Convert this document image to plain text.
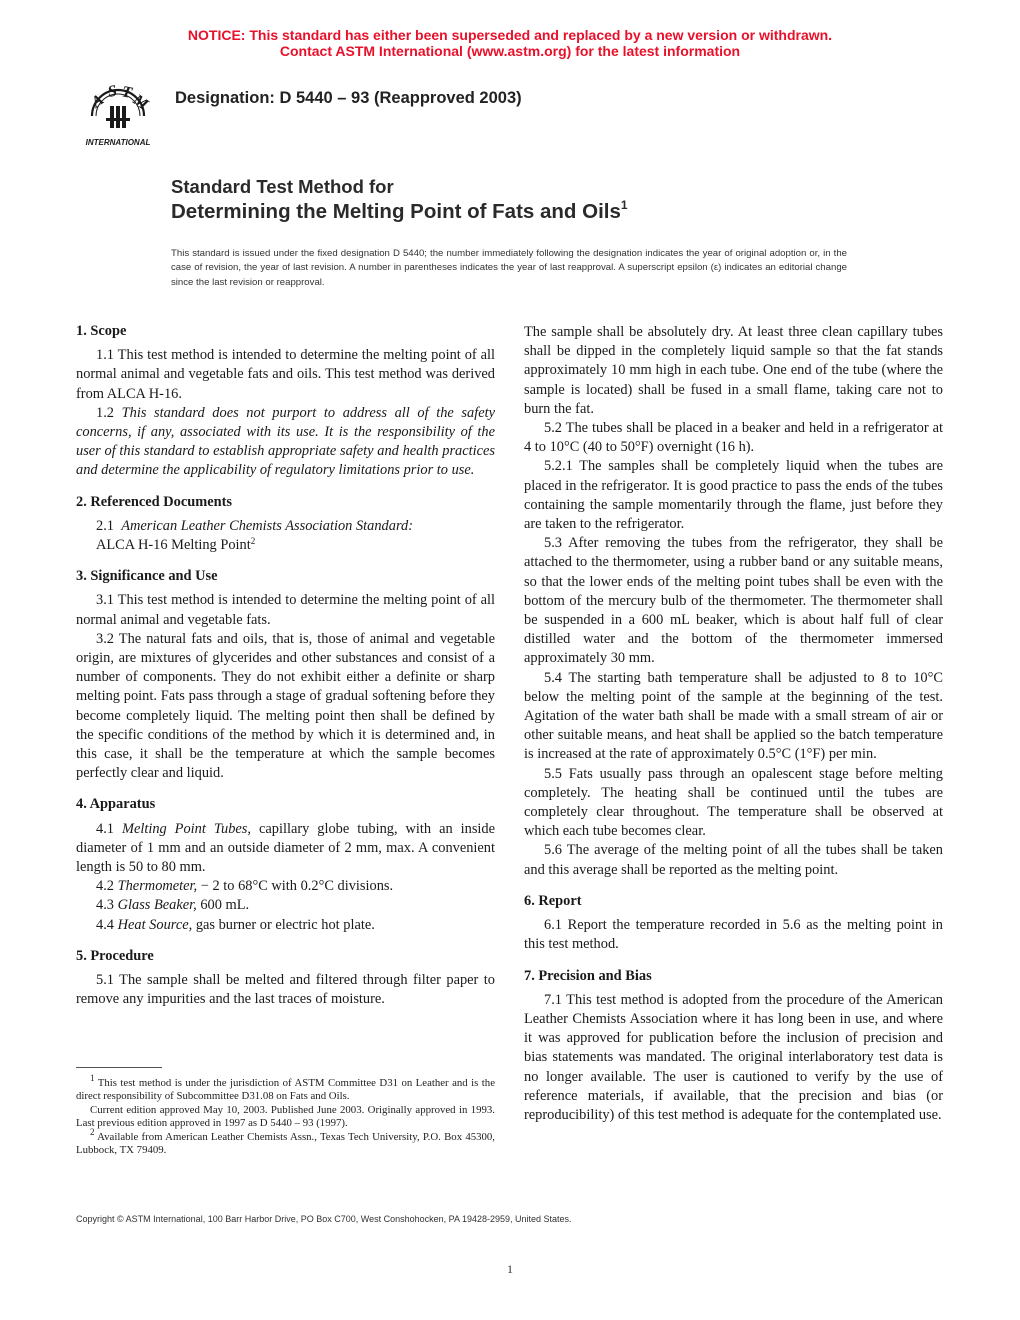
NOTICE: This standard has either been superseded and replaced by a new version or withdrawn.
Contact ASTM International (www.astm.org) for the latest information
A S T
M
INTERNATIONAL
Designation: D 5440 – 93 (Reapproved 2003)
Standard Test Method for
Determining the Melting Point of Fats and Oils$^1$
This standard is issued under the fixed designation D 5440; the number immediately following the designation indicates the year of original adoption or, in the case of revision, the year of last revision. A number in parentheses indicates the year of last reapproval. A superscript epsilon (ε) indicates an editorial change since the last revision or reapproval.
1. Scope

1.1 This test method is intended to determine the melting point of all normal animal and vegetable fats and oils. This test method was derived from ALCA H-16.

1.2 This standard does not purport to address all of the safety concerns, if any, associated with its use. It is the responsibility of the user of this standard to establish appropriate safety and health practices and determine the applicability of regulatory limitations prior to use.

2. Referenced Documents

2.1 American Leather Chemists Association Standard:

ALCA H-16 Melting Point$^2$

3. Significance and Use

3.1 This test method is intended to determine the melting point of all normal animal and vegetable fats.

3.2 The natural fats and oils, that is, those of animal and vegetable origin, are mixtures of glycerides and other substances and consist of a number of components. They do not exhibit either a definite or sharp melting point. Fats pass through a stage of gradual softening before they become completely liquid. The melting point then shall be defined by the specific conditions of the method by which it is determined and, in this case, it shall be the temperature at which the sample becomes perfectly clear and liquid.

4. Apparatus

4.1 Melting Point Tubes, capillary globe tubing, with an inside diameter of 1 mm and an outside diameter of 2 mm, max. A convenient length is 50 to 80 mm.

4.2 Thermometer, − 2 to 68°C with 0.2°C divisions.

4.3 Glass Beaker, 600 mL.

4.4 Heat Source, gas burner or electric hot plate.

5. Procedure

5.1 The sample shall be melted and filtered through filter paper to remove any impurities and the last traces of moisture.

$^1$ This test method is under the jurisdiction of ASTM Committee D31 on Leather and is the direct responsibility of Subcommittee D31.08 on Fats and Oils.

Current edition approved May 10, 2003. Published June 2003. Originally approved in 1993. Last previous edition approved in 1997 as D 5440 – 93 (1997).

$^2$ Available from American Leather Chemists Assn., Texas Tech University, P.O. Box 45300, Lubbock, TX 79409.

The sample shall be absolutely dry. At least three clean capillary tubes shall be dipped in the completely liquid sample so that the fat stands approximately 10 mm high in each tube. One end of the tube (where the sample is located) shall be fused in a small flame, taking care not to burn the fat.

5.2 The tubes shall be placed in a beaker and held in a refrigerator at 4 to 10°C (40 to 50°F) overnight (16 h).

5.2.1 The samples shall be completely liquid when the tubes are placed in the refrigerator. It is good practice to pass the ends of the tubes containing the sample momentarily through the flame, just before they are taken to the refrigerator.

5.3 After removing the tubes from the refrigerator, they shall be attached to the thermometer, using a rubber band or any suitable means, so that the lower ends of the melting point tubes shall be even with the bottom of the mercury bulb of the thermometer. The thermometer shall be suspended in a 600 mL beaker, which is about half full of clear distilled water and the bottom of the thermometer immersed approximately 30 mm.

5.4 The starting bath temperature shall be adjusted to 8 to 10°C below the melting point of the sample at the beginning of the test. Agitation of the water bath shall be made with a small stream of air or other suitable means, and heat shall be applied so the batch temperature is increased at the rate of approximately 0.5°C (1°F) per min.

5.5 Fats usually pass through an opalescent stage before melting completely. The heating shall be continued until the tubes are completely clear throughout. The temperature shall be observed at which each tube becomes clear.

5.6 The average of the melting point of all the tubes shall be taken and this average shall be reported as the melting point.

6. Report

6.1 Report the temperature recorded in 5.6 as the melting point in this test method.

7. Precision and Bias

7.1 This test method is adopted from the procedure of the American Leather Chemists Association where it has long been in use, and where it was approved for publication before the inclusion of precision and bias statements was mandated. The original interlaboratory test data is no longer available. The user is cautioned to verify by the use of reference materials, if available, that the precision and bias (or reproducibility) of this test method is adequate for the contemplated use.

Copyright © ASTM International, 100 Barr Harbor Drive, PO Box C700, West Conshohocken, PA 19428-2959, United States.
1
